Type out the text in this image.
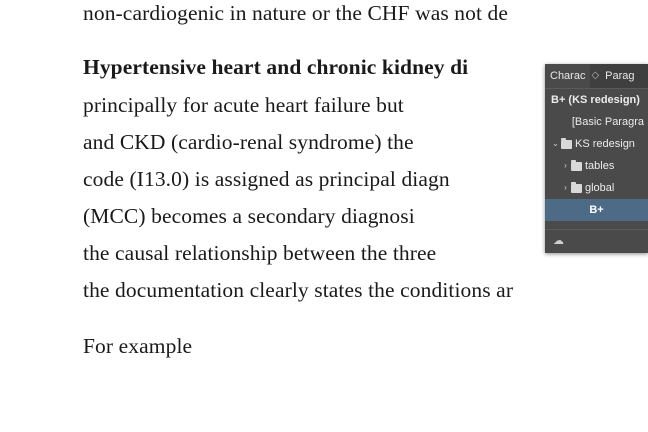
non-cardiogenic in nature or the CHF was not de
Hypertensive heart and chronic kidney di
principally for acute heart failure but
and CKD (cardio-renal syndrome) the
code (I13.0) is assigned as principal diagn
(MCC) becomes a secondary diagnosi
the causal relationship between the three
the documentation clearly states the conditions ar
For example
Charac ◇ Parag
B+ (KS redesign)
[Basic Paragra
⌄ KS redesign
› tables
› global
B+
☁
